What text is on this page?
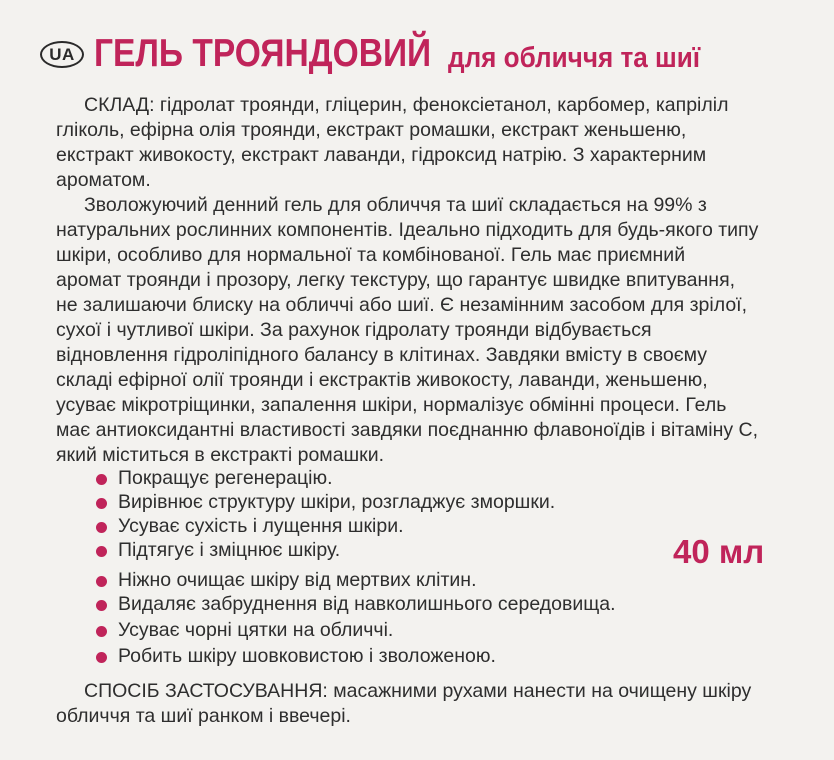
UA ГЕЛЬ ТРОЯНДОВИЙ для обличчя та шиї
СКЛАД: гідролат троянди, гліцерин, феноксіетанол, карбомер, капріліл
гліколь, ефірна олія троянди, екстракт ромашки, екстракт женьшеню,
екстракт живокосту, екстракт лаванди, гідроксид натрію. З характерним
ароматом.
Зволожуючий денний гель для обличчя та шиї складається на 99% з
натуральних рослинних компонентів. Ідеально підходить для будь-якого типу
шкіри, особливо для нормальної та комбінованої. Гель має приємний
аромат троянди і прозору, легку текстуру, що гарантує швидке впитування,
не залишаючи блиску на обличчі або шиї. Є незамінним засобом для зрілої,
сухої і чутливої шкіри. За рахунок гідролату троянди відбувається
відновлення гідроліпідного балансу в клітинах. Завдяки вмісту в своєму
складі ефірної олії троянди і екстрактів живокосту, лаванди, женьшеню,
усуває мікротріщинки, запалення шкіри, нормалізує обмінні процеси. Гель
має антиоксидантні властивості завдяки поєднанню флавоноїдів і вітаміну С,
який міститься в екстракті ромашки.
Покращує регенерацію.
Вирівнює структуру шкіри, розгладжує зморшки.
Усуває сухість і лущення шкіри.
Підтягує і зміцнює шкіру.
Ніжно очищає шкіру від мертвих клітин.
Видаляє забруднення від навколишнього середовища.
Усуває чорні цятки на обличчі.
Робить шкіру шовковистою і зволоженою.
40 мл
СПОСІБ ЗАСТОСУВАННЯ: масажними рухами нанести на очищену шкіру
обличчя та шиї ранком і ввечері.
